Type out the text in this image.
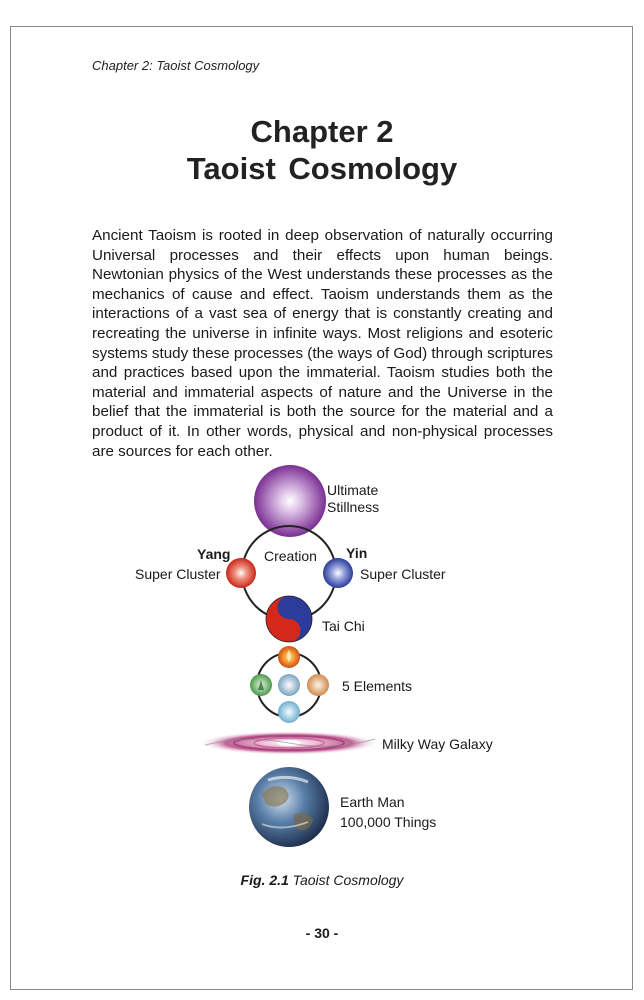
Chapter 2: Taoist Cosmology
Chapter 2
Taoist Cosmology
Ancient Taoism is rooted in deep observation of naturally occurring Universal processes and their effects upon human beings. Newtonian physics of the West understands these processes as the mechanics of cause and effect. Taoism understands them as the interactions of a vast sea of energy that is constantly creating and recreating the universe in infinite ways. Most religions and esoteric systems study these processes (the ways of God) through scriptures and practices based upon the immaterial. Taoism studies both the material and immaterial aspects of nature and the Universe in the belief that the immaterial is both the source for the material and a product of it. In other words, physical and non-physical processes are sources for each other.
Ultimate
Stillness
Yang
Super Cluster
Creation Yin
Super Cluster
Tai Chi
5 Elements
Milky Way Galaxy
Earth Man
100,000 Things
Fig. 2.1 Taoist Cosmology
- 30 -
